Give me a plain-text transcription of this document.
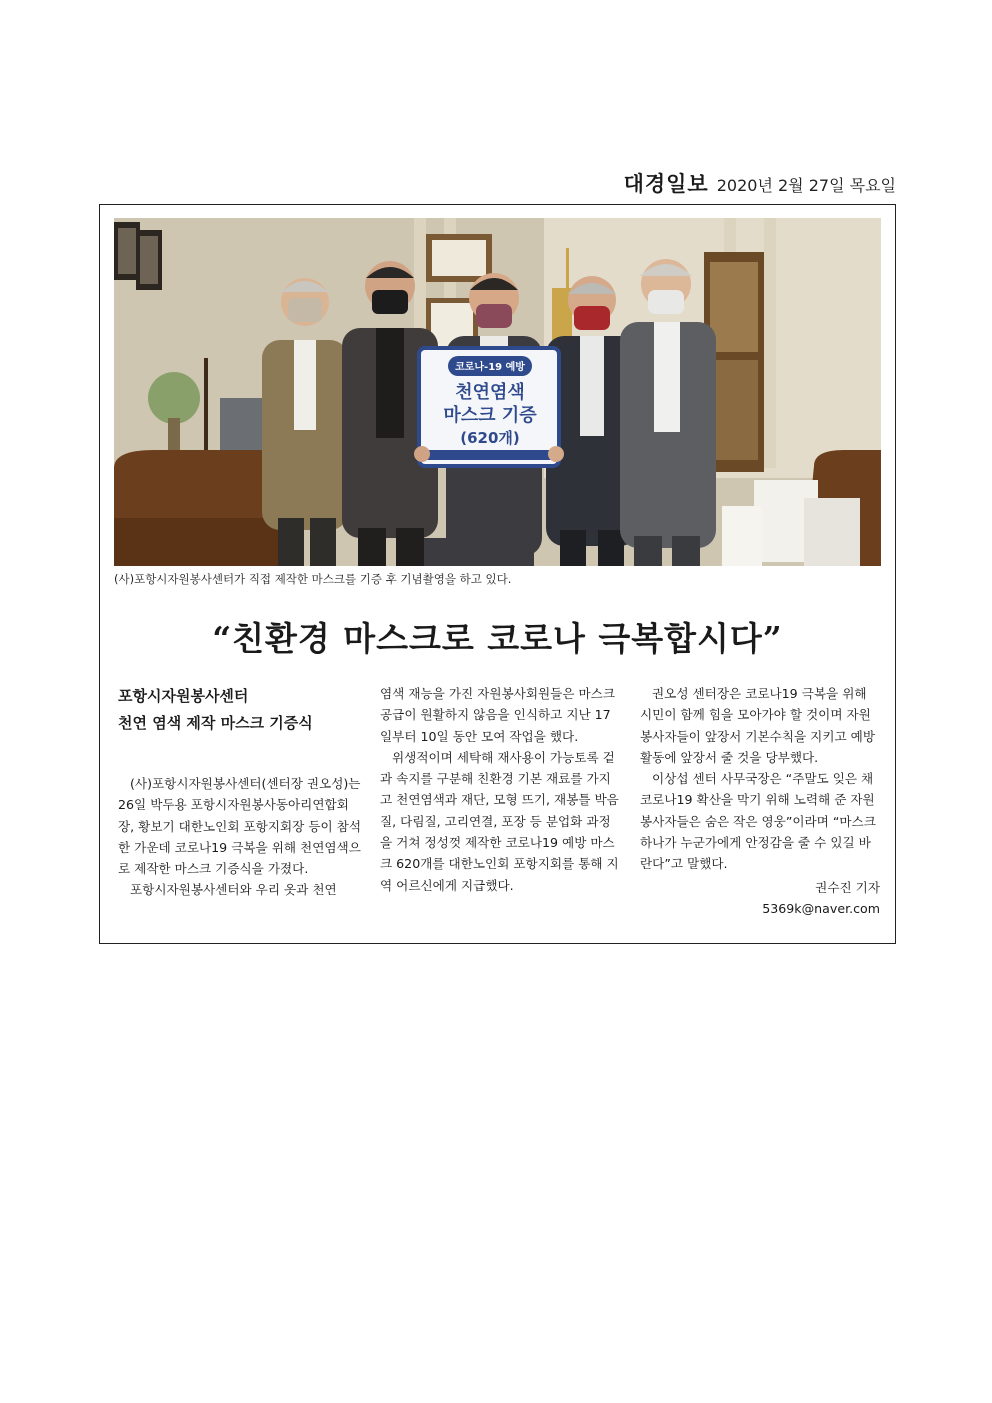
대경일보 2020년 2월 27일 목요일
코로나-19 예방
천연염색
마스크 기증
(620개)
(사)포항시자원봉사센터가 직접 제작한 마스크를 기증 후 기념촬영을 하고 있다.
“친환경 마스크로 코로나 극복합시다”

포항시자원봉사센터
천연 염색 제작 마스크 기증식

(사)포항시자원봉사센터(센터장 권오성)는 26일 박두용 포항시자원봉사동아리연합회장, 황보기 대한노인회 포항지회장 등이 참석한 가운데 코로나19 극복을 위해 천연염색으로 제작한 마스크 기증식을 가졌다.

포항시자원봉사센터와 우리 옷과 천연

염색 재능을 가진 자원봉사회원들은 마스크 공급이 원활하지 않음을 인식하고 지난 17일부터 10일 동안 모여 작업을 했다.

위생적이며 세탁해 재사용이 가능토록 겉과 속지를 구분해 친환경 기본 재료를 가지고 천연염색과 재단, 모형 뜨기, 재봉틀 박음질, 다림질, 고리연결, 포장 등 분업화 과정을 거쳐 정성껏 제작한 코로나19 예방 마스크 620개를 대한노인회 포항지회를 통해 지역 어르신에게 지급했다.

권오성 센터장은 코로나19 극복을 위해 시민이 함께 힘을 모아가야 할 것이며 자원봉사자들이 앞장서 기본수칙을 지키고 예방활동에 앞장서 줄 것을 당부했다.

이상섭 센터 사무국장은 “주말도 잊은 채 코로나19 확산을 막기 위해 노력해 준 자원봉사자들은 숨은 작은 영웅”이라며 “마스크 하나가 누군가에게 안정감을 줄 수 있길 바란다”고 말했다.

권수진 기자

5369k@naver.com
